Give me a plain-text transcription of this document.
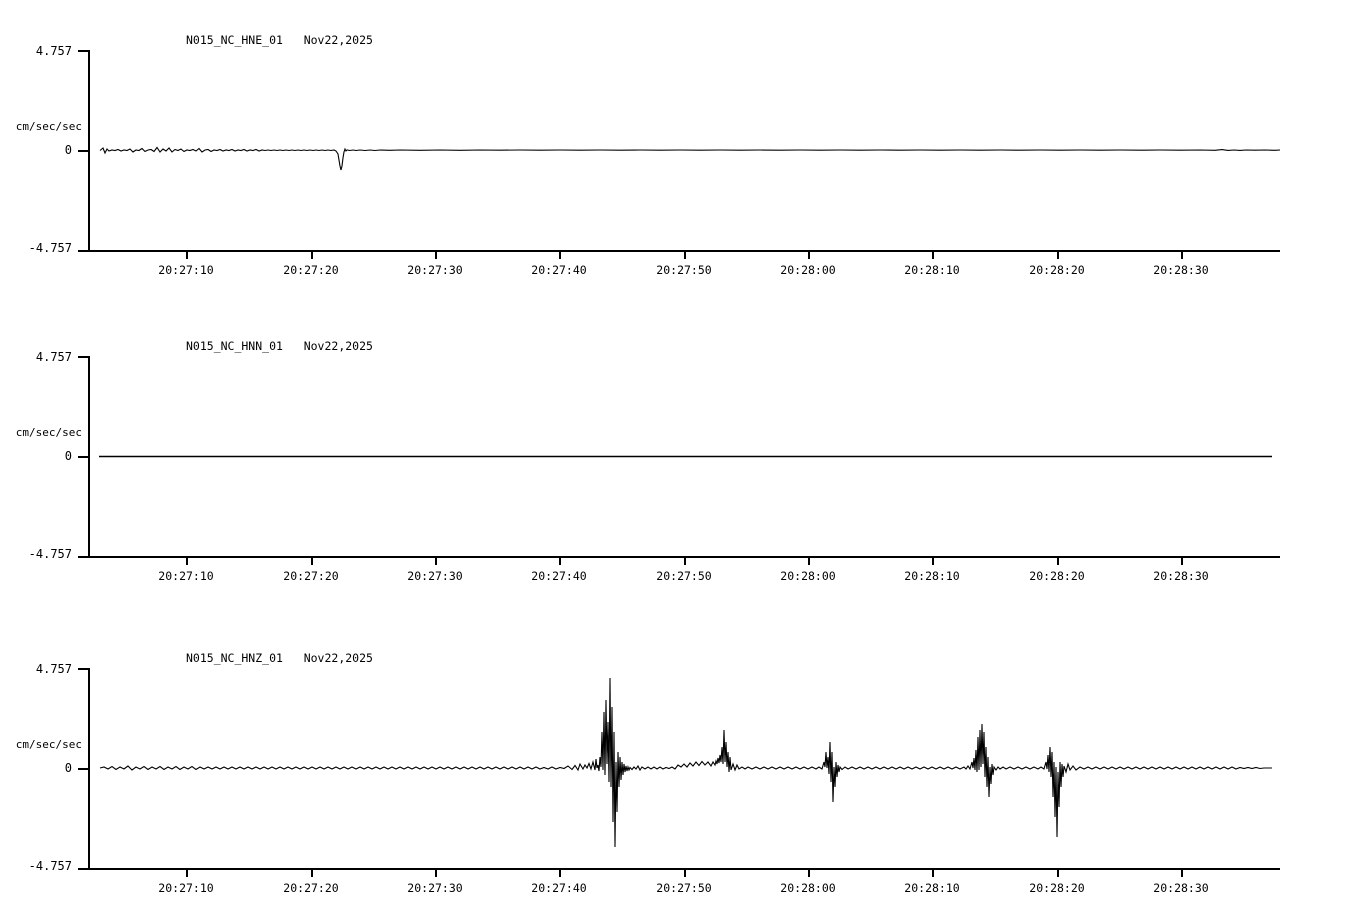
N015_NC_HNE_01   Nov22,2025
4.757
cm/sec/sec
0
-4.757
20:27:10	20:27:20	20:27:30	20:27:40	20:27:50	20:28:00	20:28:10	20:28:20	20:28:30
N015_NC_HNN_01   Nov22,2025
4.757
cm/sec/sec
0
-4.757
20:27:10	20:27:20	20:27:30	20:27:40	20:27:50	20:28:00	20:28:10	20:28:20	20:28:30
N015_NC_HNZ_01   Nov22,2025
4.757
cm/sec/sec
0
-4.757
20:27:10	20:27:20	20:27:30	20:27:40	20:27:50	20:28:00	20:28:10	20:28:20	20:28:30
